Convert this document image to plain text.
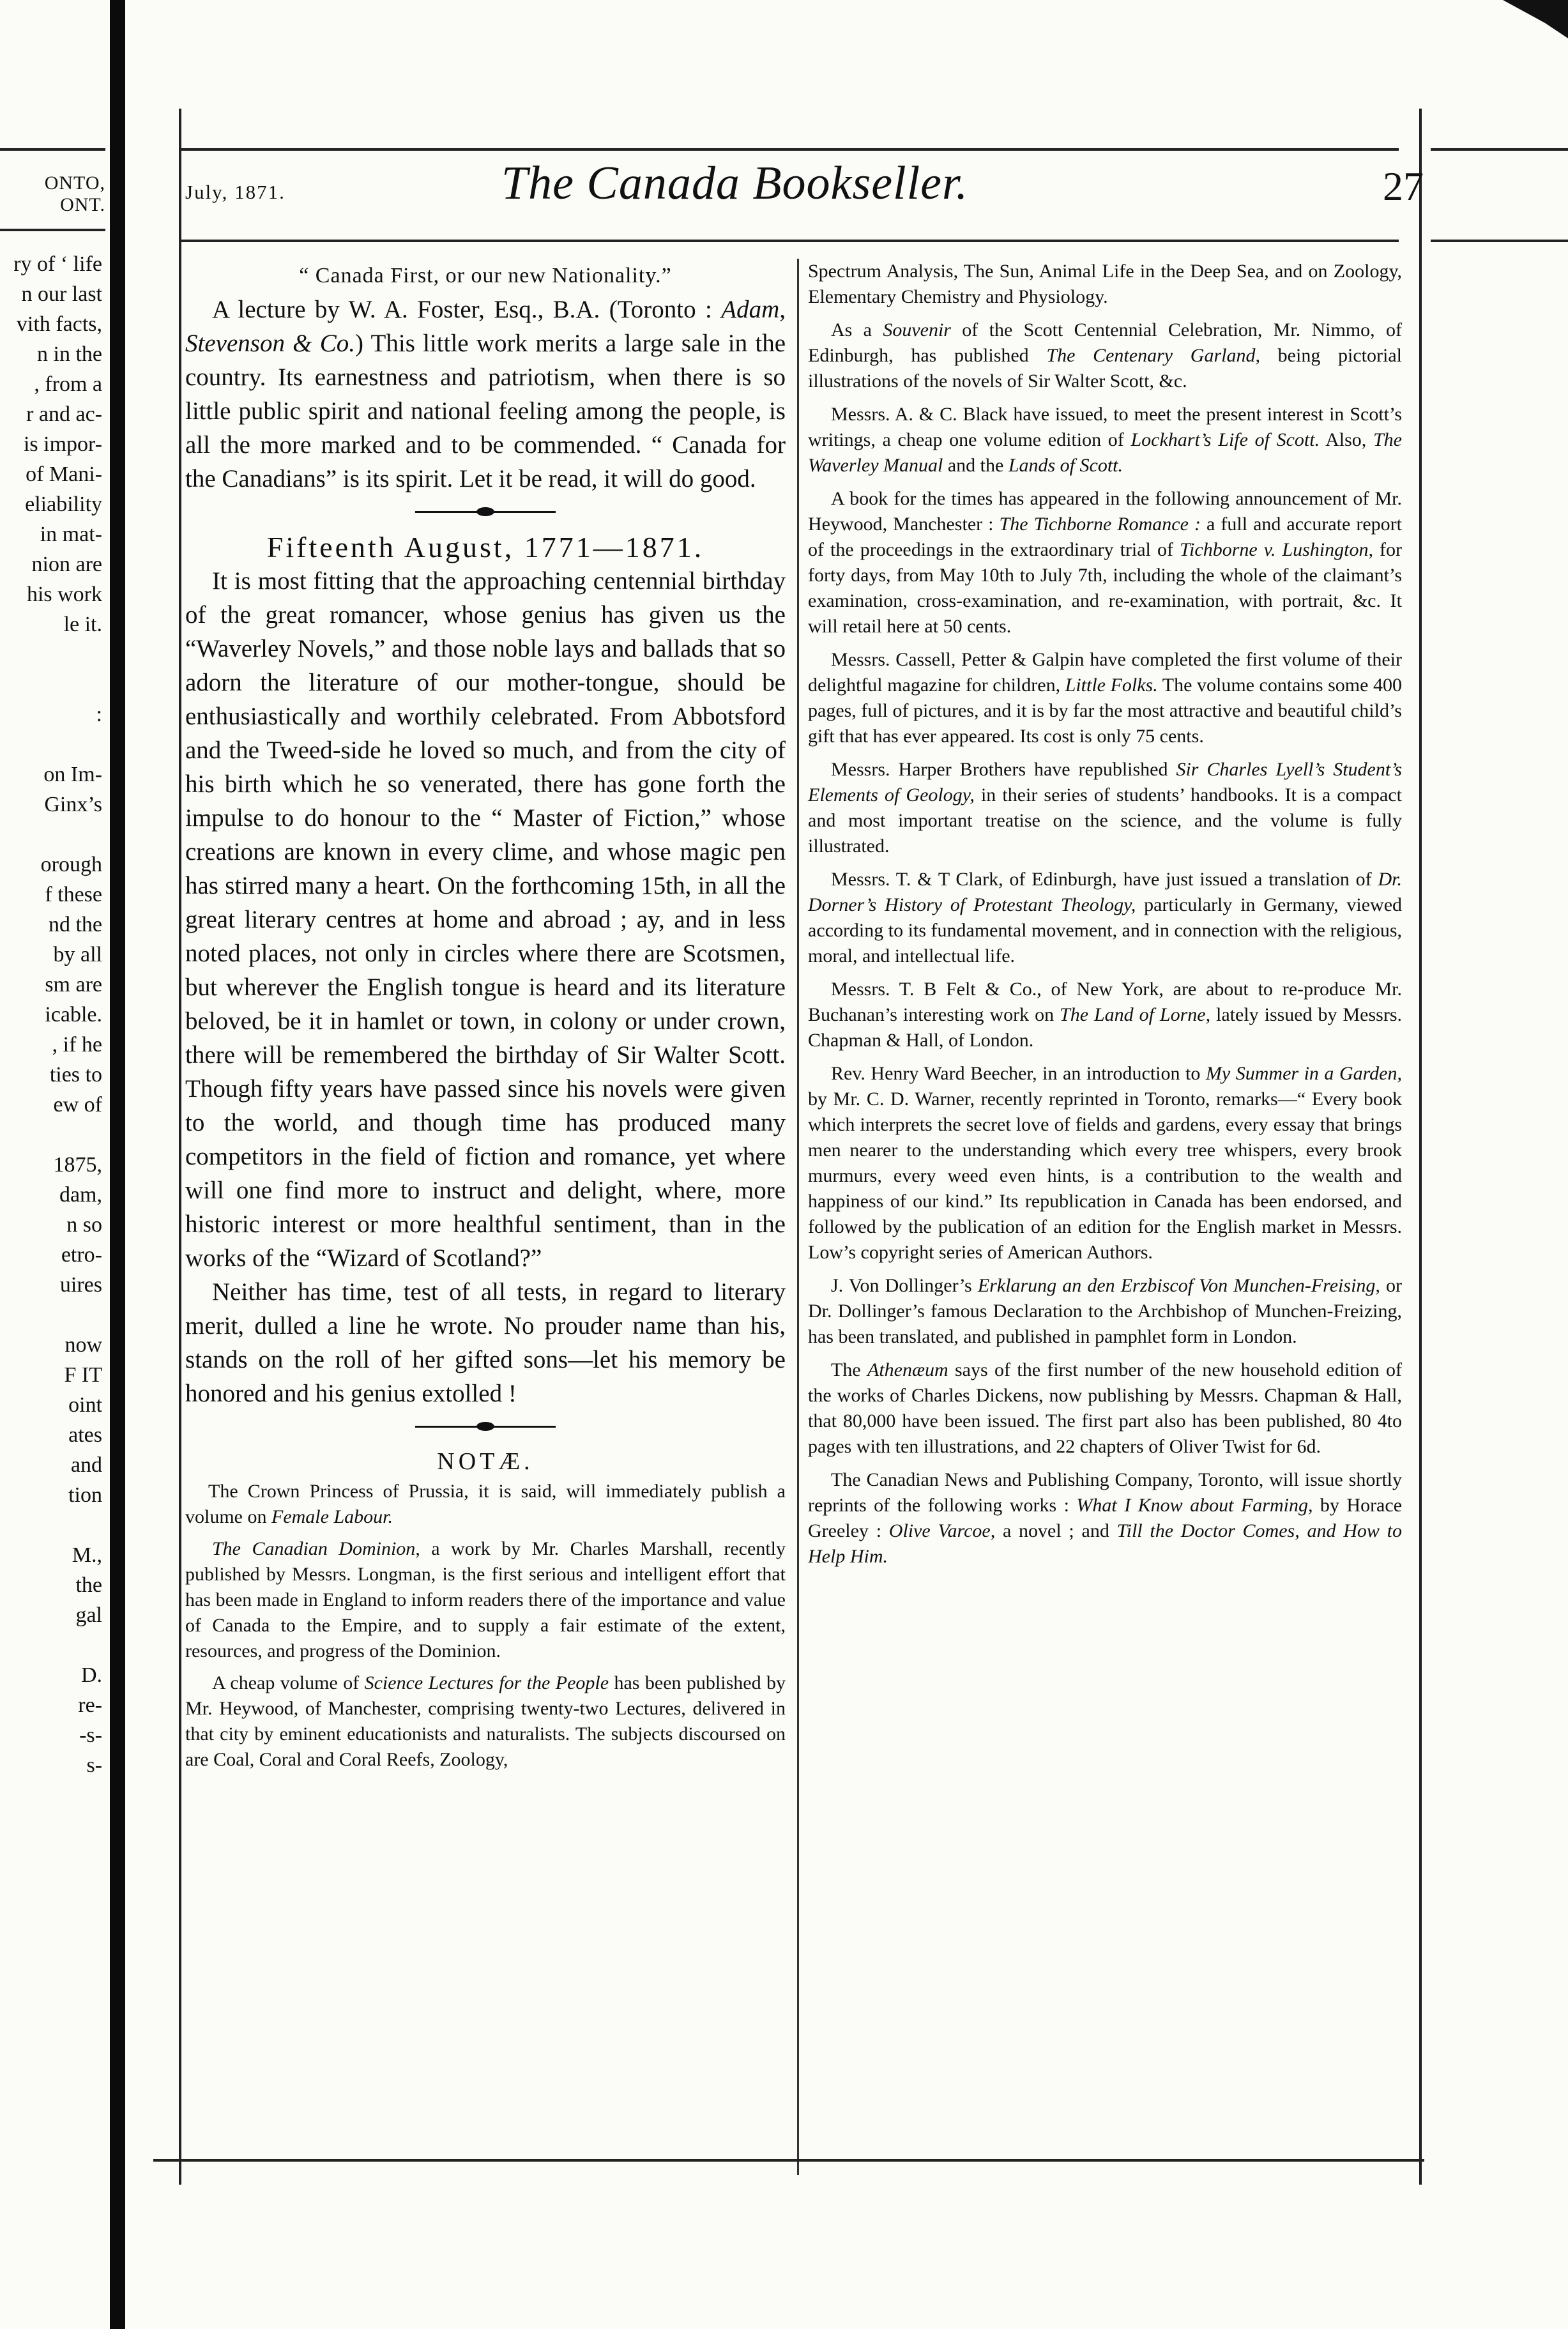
ONTO, ONT.
ry of ‘ life
n our last
vith facts,
n in the
, from a
r and ac-
is impor-
of Mani-
eliability
in mat-
nion are
his work
le it.

:

on Im-
Ginx’s

orough
f these
nd the
by all
sm are
icable.
, if he
ties to
ew of

1875,
dam,
n so
etro-
uires

now
F IT
oint
ates
and
tion

M.,
the
gal

D.
re-
-s-
s-
July, 1871.	The Canada Bookseller.	27

“ Canada First, or our new Nationality.”

A lecture by W. A. Foster, Esq., B.A. (Toronto : Adam, Stevenson & Co.) This little work merits a large sale in the country. Its earnestness and patriotism, when there is so little public spirit and national feeling among the people, is all the more marked and to be commended. “ Canada for the Canadians” is its spirit. Let it be read, it will do good.

Fifteenth August, 1771—1871.

It is most fitting that the approaching centennial birthday of the great romancer, whose genius has given us the “Waverley Novels,” and those noble lays and ballads that so adorn the literature of our mother-tongue, should be enthusiastically and worthily celebrated. From Abbotsford and the Tweed-side he loved so much, and from the city of his birth which he so venerated, there has gone forth the impulse to do honour to the “ Master of Fiction,” whose creations are known in every clime, and whose magic pen has stirred many a heart. On the forthcoming 15th, in all the great literary centres at home and abroad ; ay, and in less noted places, not only in circles where there are Scotsmen, but wherever the English tongue is heard and its literature beloved, be it in hamlet or town, in colony or under crown, there will be remembered the birthday of Sir Walter Scott. Though fifty years have passed since his novels were given to the world, and though time has produced many competitors in the field of fiction and romance, yet where will one find more to instruct and delight, where, more historic interest or more healthful sentiment, than in the works of the “Wizard of Scotland?”

Neither has time, test of all tests, in regard to literary merit, dulled a line he wrote. No prouder name than his, stands on the roll of her gifted sons—let his memory be honored and his genius extolled !

NOTÆ.

The Crown Princess of Prussia, it is said, will immediately publish a volume on Female Labour.

The Canadian Dominion, a work by Mr. Charles Marshall, recently published by Messrs. Longman, is the first serious and intelligent effort that has been made in England to inform readers there of the importance and value of Canada to the Empire, and to supply a fair estimate of the extent, resources, and progress of the Dominion.

A cheap volume of Science Lectures for the People has been published by Mr. Heywood, of Manchester, comprising twenty-two Lectures, delivered in that city by eminent educationists and naturalists. The subjects discoursed on are Coal, Coral and Coral Reefs, Zoology,

Spectrum Analysis, The Sun, Animal Life in the Deep Sea, and on Zoology, Elementary Chemistry and Physiology.

As a Souvenir of the Scott Centennial Celebration, Mr. Nimmo, of Edinburgh, has published The Centenary Garland, being pictorial illustrations of the novels of Sir Walter Scott, &c.

Messrs. A. & C. Black have issued, to meet the present interest in Scott’s writings, a cheap one volume edition of Lockhart’s Life of Scott. Also, The Waverley Manual and the Lands of Scott.

A book for the times has appeared in the following announcement of Mr. Heywood, Manchester : The Tichborne Romance : a full and accurate report of the proceedings in the extraordinary trial of Tichborne v. Lushington, for forty days, from May 10th to July 7th, including the whole of the claimant’s examination, cross-examination, and re-examination, with portrait, &c. It will retail here at 50 cents.

Messrs. Cassell, Petter & Galpin have completed the first volume of their delightful magazine for children, Little Folks. The volume contains some 400 pages, full of pictures, and it is by far the most attractive and beautiful child’s gift that has ever appeared. Its cost is only 75 cents.

Messrs. Harper Brothers have republished Sir Charles Lyell’s Student’s Elements of Geology, in their series of students’ handbooks. It is a compact and most important treatise on the science, and the volume is fully illustrated.

Messrs. T. & T Clark, of Edinburgh, have just issued a translation of Dr. Dorner’s History of Protestant Theology, particularly in Germany, viewed according to its fundamental movement, and in connection with the religious, moral, and intellectual life.

Messrs. T. B Felt & Co., of New York, are about to re-produce Mr. Buchanan’s interesting work on The Land of Lorne, lately issued by Messrs. Chapman & Hall, of London.

Rev. Henry Ward Beecher, in an introduction to My Summer in a Garden, by Mr. C. D. Warner, recently reprinted in Toronto, remarks—“ Every book which interprets the secret love of fields and gardens, every essay that brings men nearer to the understanding which every tree whispers, every brook murmurs, every weed even hints, is a contribution to the wealth and happiness of our kind.” Its republication in Canada has been endorsed, and followed by the publication of an edition for the English market in Messrs. Low’s copyright series of American Authors.

J. Von Dollinger’s Erklarung an den Erzbiscof Von Munchen-Freising, or Dr. Dollinger’s famous Declaration to the Archbishop of Munchen-Freizing, has been translated, and published in pamphlet form in London.

The Athenæum says of the first number of the new household edition of the works of Charles Dickens, now publishing by Messrs. Chapman & Hall, that 80,000 have been issued. The first part also has been published, 80 4to pages with ten illustrations, and 22 chapters of Oliver Twist for 6d.

The Canadian News and Publishing Company, Toronto, will issue shortly reprints of the following works : What I Know about Farming, by Horace Greeley : Olive Varcoe, a novel ; and Till the Doctor Comes, and How to Help Him.
